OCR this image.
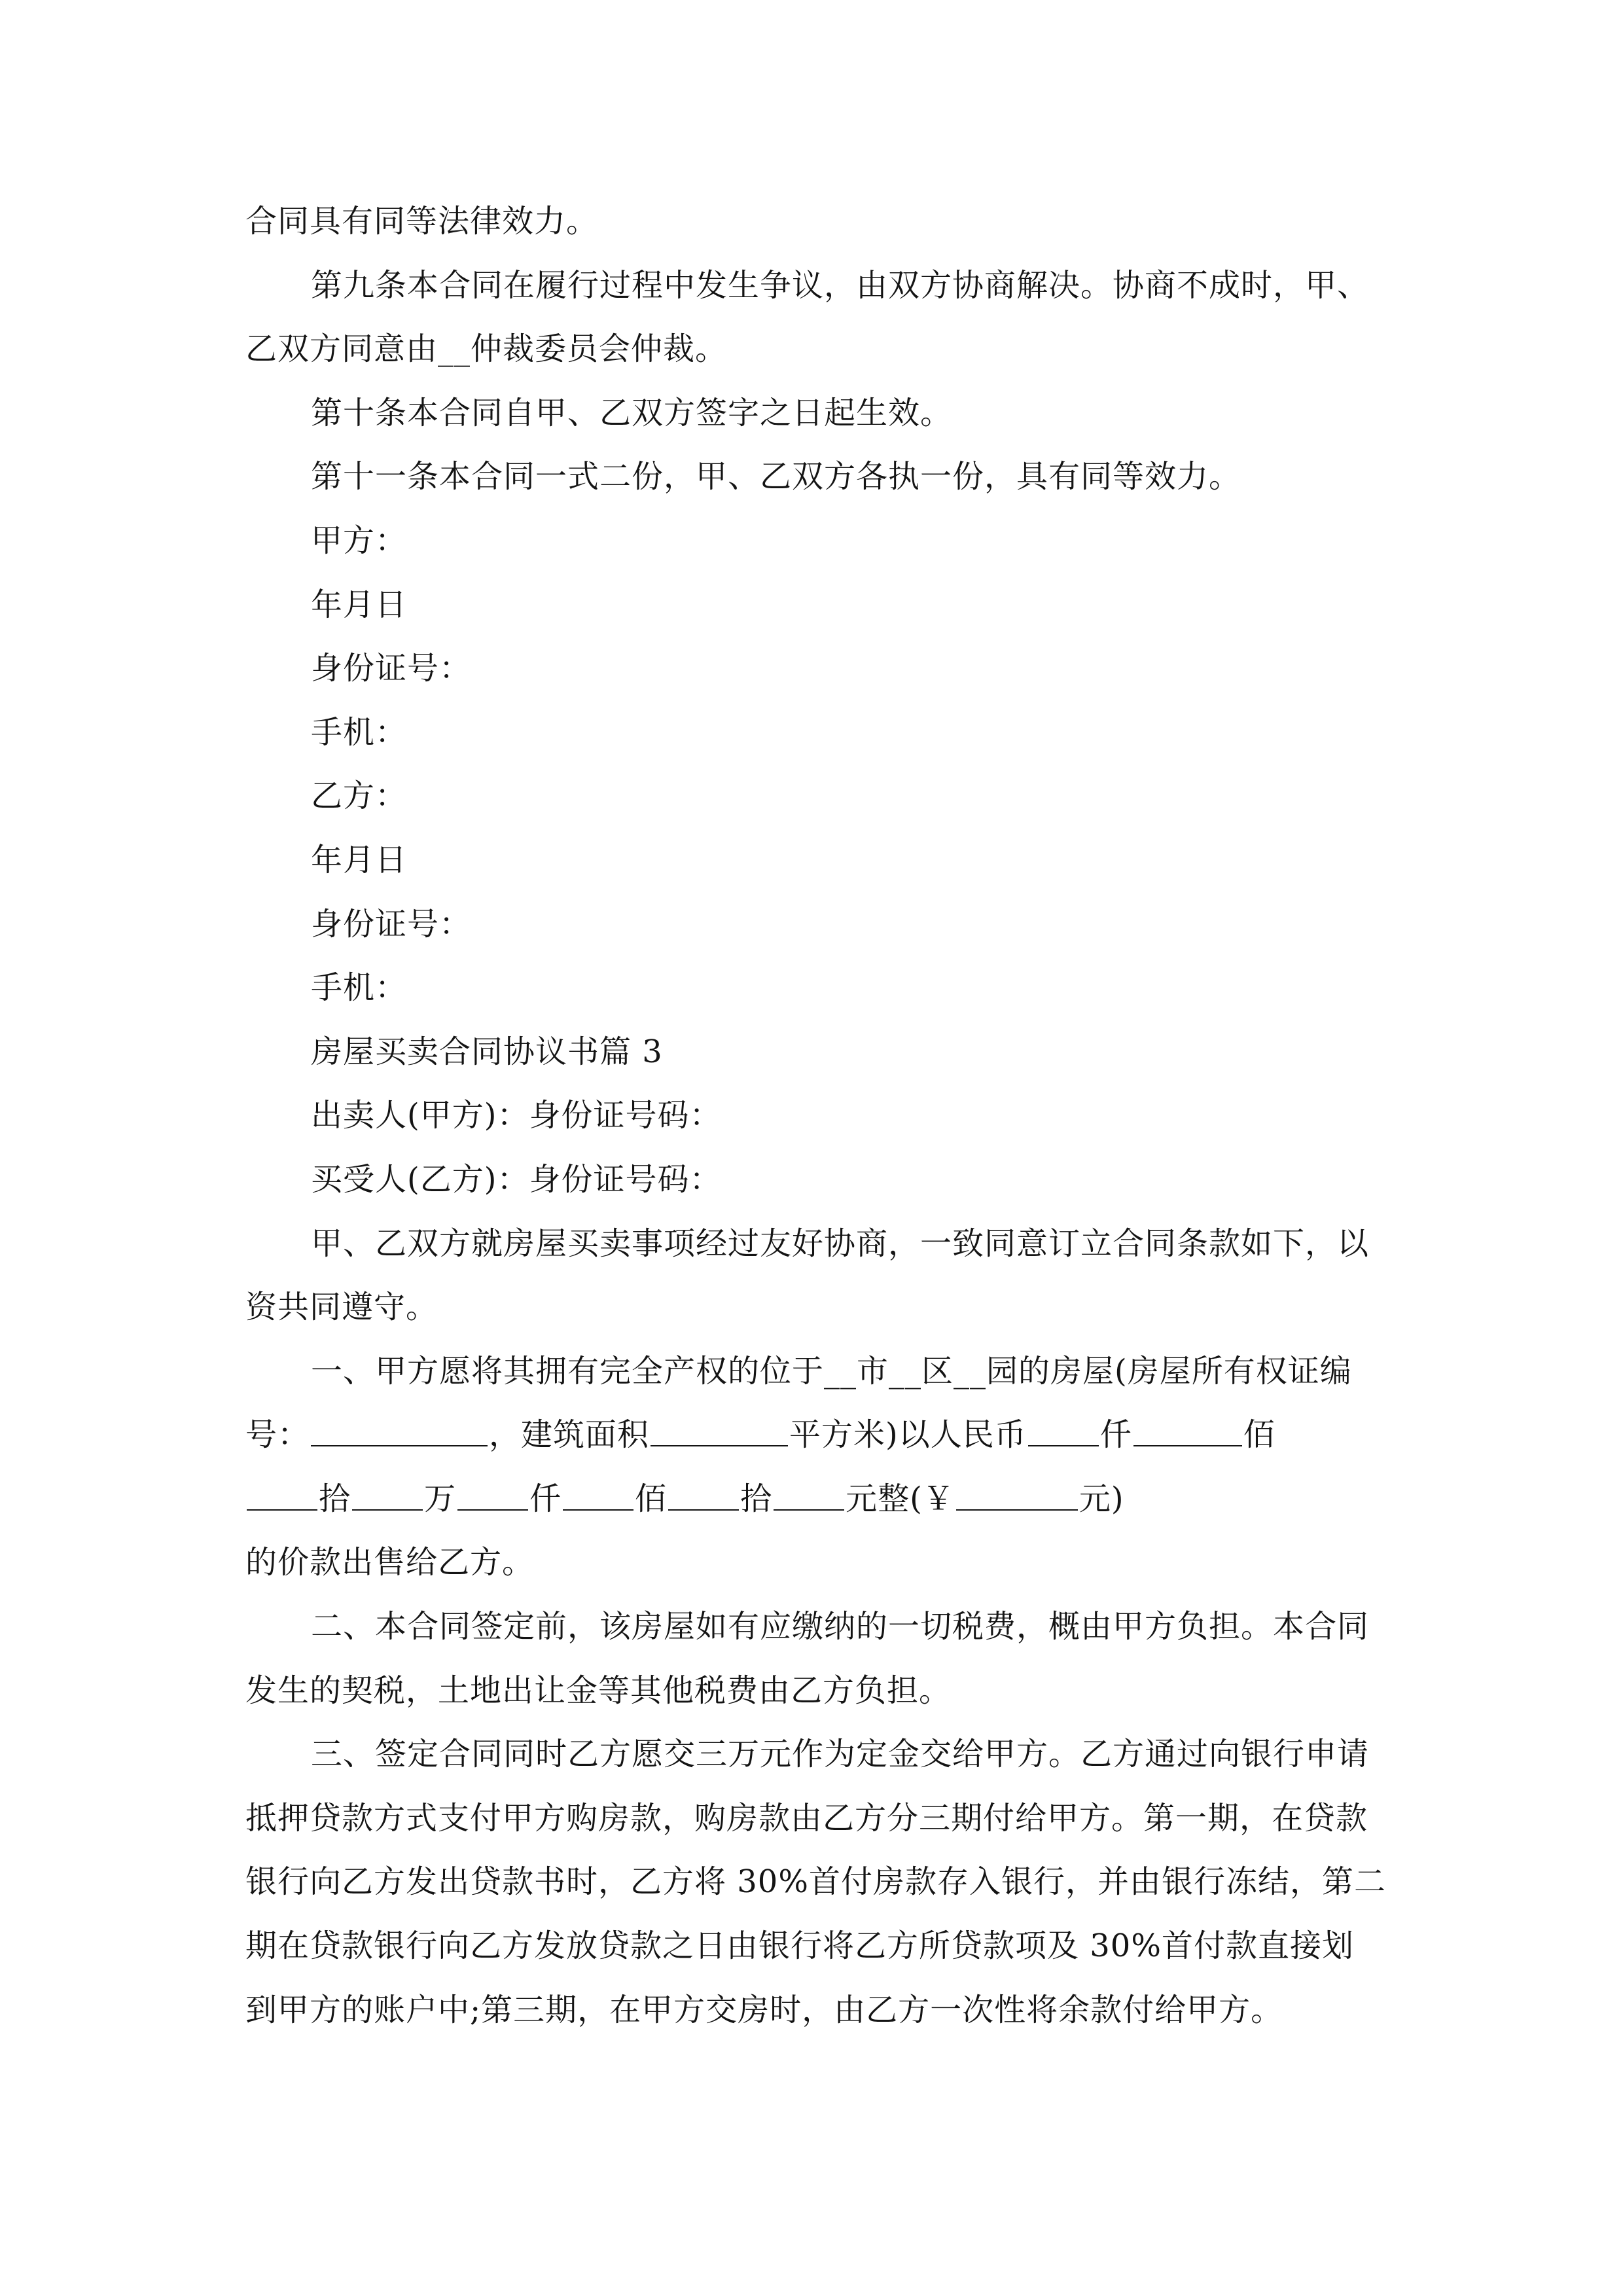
合同具有同等法律效力。
第九条本合同在履行过程中发生争议，由双方协商解决。协商不成时，甲、
乙双方同意由__仲裁委员会仲裁。
第十条本合同自甲、乙双方签字之日起生效。
第十一条本合同一式二份，甲、乙双方各执一份，具有同等效力。
甲方：
年月日
身份证号：
手机：
乙方：
年月日
身份证号：
手机：
房屋买卖合同协议书篇 3
出卖人(甲方)：身份证号码：
买受人(乙方)：身份证号码：
甲、乙双方就房屋买卖事项经过友好协商，一致同意订立合同条款如下，以
资共同遵守。
一、甲方愿将其拥有完全产权的位于__市__区__园的房屋(房屋所有权证编
号：	，建筑面积	平方米)以人民币 仟	佰
拾 万 仟 佰 拾 元整(￥	元)
的价款出售给乙方。
二、本合同签定前，该房屋如有应缴纳的一切税费，概由甲方负担。本合同
发生的契税，土地出让金等其他税费由乙方负担。
三、签定合同同时乙方愿交三万元作为定金交给甲方。乙方通过向银行申请
抵押贷款方式支付甲方购房款，购房款由乙方分三期付给甲方。第一期，在贷款
银行向乙方发出贷款书时，乙方将 30%首付房款存入银行，并由银行冻结，第二
期在贷款银行向乙方发放贷款之日由银行将乙方所贷款项及 30%首付款直接划
到甲方的账户中;第三期，在甲方交房时，由乙方一次性将余款付给甲方。
